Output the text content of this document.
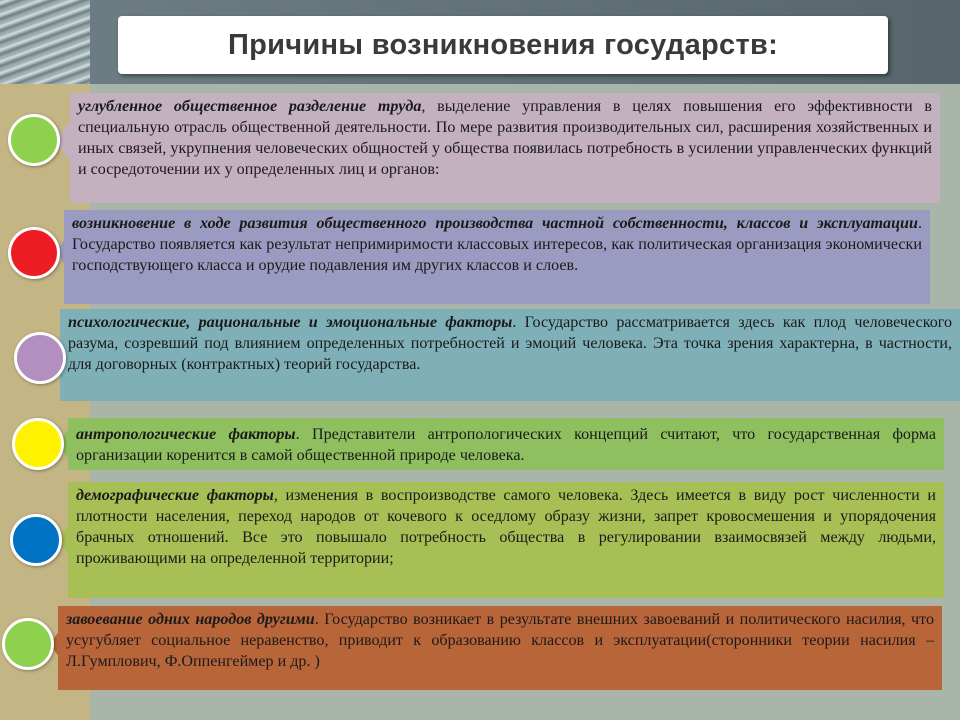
Причины возникновения государств:
углубленное общественное разделение труда, выделение управления в целях повышения его эффективности в специальную отрасль общественной деятельности. По мере развития производительных сил, расширения хозяйственных и иных связей, укрупнения человеческих общностей у общества появилась потребность в усилении управленческих функций и сосредоточении их у определенных лиц и органов:
возникновение в ходе развития общественного производства частной собственности, классов и эксплуатации. Государство появляется как результат непримиримости классовых интересов, как политическая организация экономически господствующего класса и орудие подавления им других классов и слоев.
психологические, рациональные и эмоциональные факторы. Государство рассматривается здесь как плод человеческого разума, созревший под влиянием определенных потребностей и эмоций человека. Эта точка зрения характерна, в частности, для договорных (контрактных) теорий государства.
антропологические факторы. Представители антропологических концепций считают, что государственная форма организации коренится в самой общественной природе человека.
демографические факторы, изменения в воспроизводстве самого человека. Здесь имеется в виду рост численности и плотности населения, переход народов от кочевого к оседлому образу жизни, запрет кровосмешения и упорядочения брачных отношений. Все это повышало потребность общества в регулировании взаимосвязей между людьми, проживающими на определенной территории;
завоевание одних народов другими. Государство возникает в результате внешних завоеваний и политического насилия, что усугубляет социальное неравенство, приводит к образованию классов и эксплуатации(сторонники теории насилия – Л.Гумплович, Ф.Оппенгеймер и др. )
